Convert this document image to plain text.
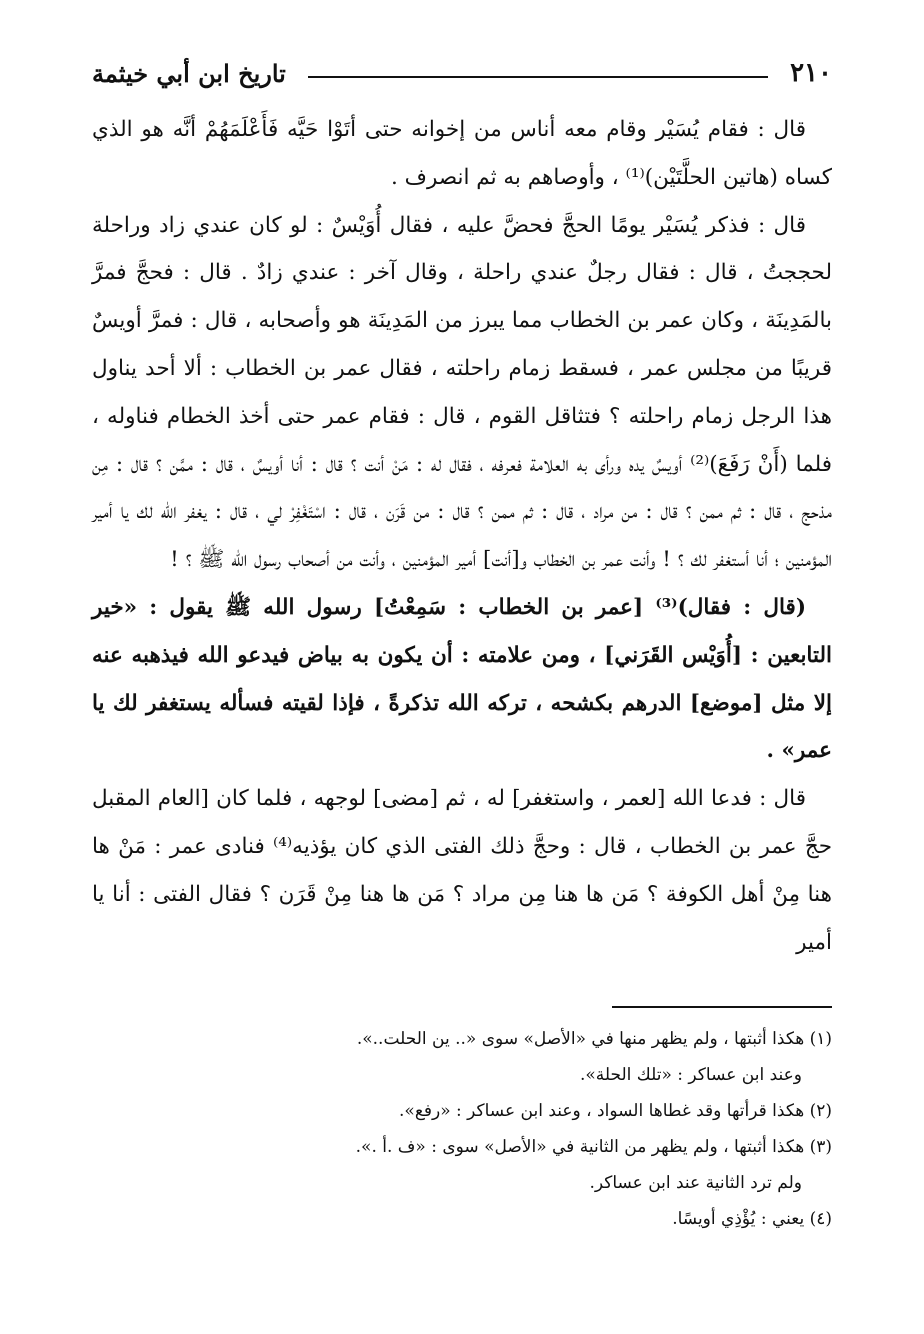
٢١٠
تاريخ ابن أبي خيثمة

قال : فقام يُسَيْر وقام معه أناس من إخوانه حتى أتَوْا حَيَّه فَأَعْلَمَهُمْ أنَّه هو الذي كساه (هاتين الحلَّتَيْن)⁽¹⁾ ، وأوصاهم به ثم انصرف .

قال : فذكر يُسَيْر يومًا الحجَّ فحضَّ عليه ، فقال أُوَيْسٌ : لو كان عندي زاد وراحلة لحججتُ ، قال : فقال رجلٌ عندي راحلة ، وقال آخر : عندي زادٌ . قال : فحجَّ فمرَّ بالمَدِينَة ، وكان عمر بن الخطاب مما يبرز من المَدِينَة هو وأصحابه ، قال : فمرَّ أويسٌ قريبًا من مجلس عمر ، فسقط زمام راحلته ، فقال عمر بن الخطاب : ألا أحد يناول هذا الرجل زمام راحلته ؟ فتثاقل القوم ، قال : فقام عمر حتى أخذ الخطام فناوله ، فلما (أَنْ رَفَعَ)⁽²⁾ أويسٌ يده ورأى به العلامة فعرفه ، فقال له : مَنْ أنت ؟ قال : أنا أويسٌ ، قال : ممَّن ؟ قال : مِن مذحج ، قال : ثم ممن ؟ قال : من مراد ، قال : ثم ممن ؟ قال : من قَرَن ، قال : اسْتَغْفِرْ لي ، قال : يغفر الله لك يا أمير المؤمنين ؛ أنا أستغفر لك ؟ ! وأنت عمر بن الخطاب و[أنت] أمير المؤمنين ، وأنت من أصحاب رسول الله ﷺ ؟ !

(قال : فقال)⁽³⁾ [عمر بن الخطاب : سَمِعْتُ] رسول الله ﷺ يقول : «خير التابعين : [أُوَيْس القَرَني] ، ومن علامته : أن يكون به بياض فيدعو الله فيذهبه عنه إلا مثل [موضع] الدرهم بكشحه ، تركه الله تذكرةً ، فإذا لقيته فسأله يستغفر لك يا عمر» .

قال : فدعا الله [لعمر ، واستغفر] له ، ثم [مضى] لوجهه ، فلما كان [العام المقبل حجَّ عمر بن الخطاب ، قال : وحجَّ ذلك الفتى الذي كان يؤذيه⁽⁴⁾ فنادى عمر : مَنْ ها هنا مِنْ أهل الكوفة ؟ مَن ها هنا مِن مراد ؟ مَن ها هنا مِنْ قَرَن ؟ فقال الفتى : أنا يا أمير

(١) هكذا أثبتها ، ولم يظهر منها في «الأصل» سوى «.. ين الحلت..».
وعند ابن عساكر : «تلك الحلة».
(٢) هكذا قرأتها وقد غطاها السواد ، وعند ابن عساكر : «رفع».
(٣) هكذا أثبتها ، ولم يظهر من الثانية في «الأصل» سوى : «ف .أ .».
ولم ترد الثانية عند ابن عساكر.
(٤) يعني : يُؤْذِي أويسًا.
